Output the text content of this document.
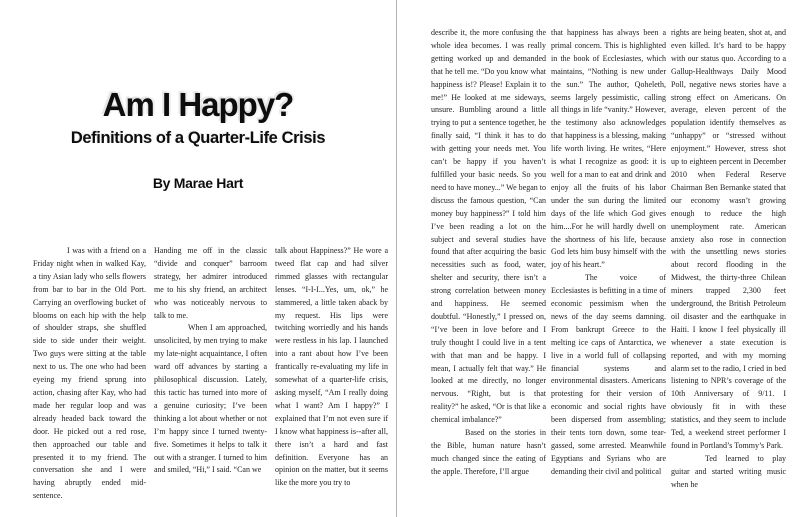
Am I Happy?
Definitions of a Quarter-Life Crisis
By Marae Hart

I was with a friend on a Friday night when in walked Kay, a tiny Asian lady who sells flowers from bar to bar in the Old Port. Carrying an overflowing bucket of blooms on each hip with the help of shoulder straps, she shuffled side to side under their weight. Two guys were sitting at the table next to us. The one who had been eyeing my friend sprung into action, chasing after Kay, who had made her regular loop and was already headed back toward the door. He picked out a red rose, then approached our table and presented it to my friend. The conversation she and I were having abruptly ended mid-sentence.

Handing me off in the classic “divide and conquer” barroom strategy, her admirer introduced me to his shy friend, an architect who was noticeably nervous to talk to me.

When I am approached, unsolicited, by men trying to make my late-night acquaintance, I often ward off advances by starting a philosophical discussion. Lately, this tactic has turned into more of a genuine curiosity; I’ve been thinking a lot about whether or not I’m happy since I turned twenty-five. Sometimes it helps to talk it out with a stranger. I turned to him and smiled, “Hi,” I said. “Can we

talk about Happiness?” He wore a tweed flat cap and had silver rimmed glasses with rectangular lenses. “I-I-I...Yes, um, ok,” he stammered, a little taken aback by my request. His lips were twitching worriedly and his hands were restless in his lap. I launched into a rant about how I’ve been frantically re-evaluating my life in somewhat of a quarter-life crisis, asking myself, “Am I really doing what I want? Am I happy?” I explained that I’m not even sure if I know what happiness is--after all, there isn’t a hard and fast definition. Everyone has an opinion on the matter, but it seems like the more you try to

describe it, the more confusing the whole idea becomes. I was really getting worked up and demanded that he tell me. “Do you know what happiness is!? Please! Explain it to me!” He looked at me sideways, unsure. Bumbling around a little trying to put a sentence together, he finally said, “I think it has to do with getting your needs met. You can’t be happy if you haven’t fulfilled your basic needs. So you need to have money...” We began to discuss the famous question, “Can money buy happiness?” I told him I’ve been reading a lot on the subject and several studies have found that after acquiring the basic necessities such as food, water, shelter and security, there isn’t a strong correlation between money and happiness. He seemed doubtful. “Honestly,” I pressed on, “I’ve been in love before and I truly thought I could live in a tent with that man and be happy. I mean, I actually felt that way.” He looked at me directly, no longer nervous. “Right, but is that reality?” he asked, “Or is that like a chemical imbalance?”

Based on the stories in the Bible, human nature hasn’t much changed since the eating of the apple. Therefore, I’ll argue

that happiness has always been a primal concern. This is highlighted in the book of Ecclesiastes, which maintains, “Nothing is new under the sun.” The author, Qoheleth, seems largely pessimistic, calling all things in life “vanity.” However, the testimony also acknowledges that happiness is a blessing, making life worth living. He writes, “Here is what I recognize as good: it is well for a man to eat and drink and enjoy all the fruits of his labor under the sun during the limited days of the life which God gives him....For he will hardly dwell on the shortness of his life, because God lets him busy himself with the joy of his heart.”

The voice of Ecclesiastes is befitting in a time of economic pessimism when the news of the day seems damning. From bankrupt Greece to the melting ice caps of Antarctica, we live in a world full of collapsing financial systems and environmental disasters. Americans protesting for their version of economic and social rights have been dispersed from assembling; their tents torn down, some tear-gassed, some arrested. Meanwhile Egyptians and Syrians who are demanding their civil and political

rights are being beaten, shot at, and even killed. It’s hard to be happy with our status quo. According to a Gallup-Healthways Daily Mood Poll, negative news stories have a strong effect on Americans. On average, eleven percent of the population identify themselves as “unhappy” or “stressed without enjoyment.” However, stress shot up to eighteen percent in December 2010 when Federal Reserve Chairman Ben Bernanke stated that our economy wasn’t growing enough to reduce the high unemployment rate. American anxiety also rose in connection with the unsettling news stories about record flooding in the Midwest, the thirty-three Chilean miners trapped 2,300 feet underground, the British Petroleum oil disaster and the earthquake in Haiti. I know I feel physically ill whenever a state execution is reported, and with my morning alarm set to the radio, I cried in bed listening to NPR’s coverage of the 10th Anniversary of 9/11. I obviously fit in with these statistics, and they seem to include Ted, a weekend street performer I found in Portland’s Tommy’s Park.

Ted learned to play guitar and started writing music when he
